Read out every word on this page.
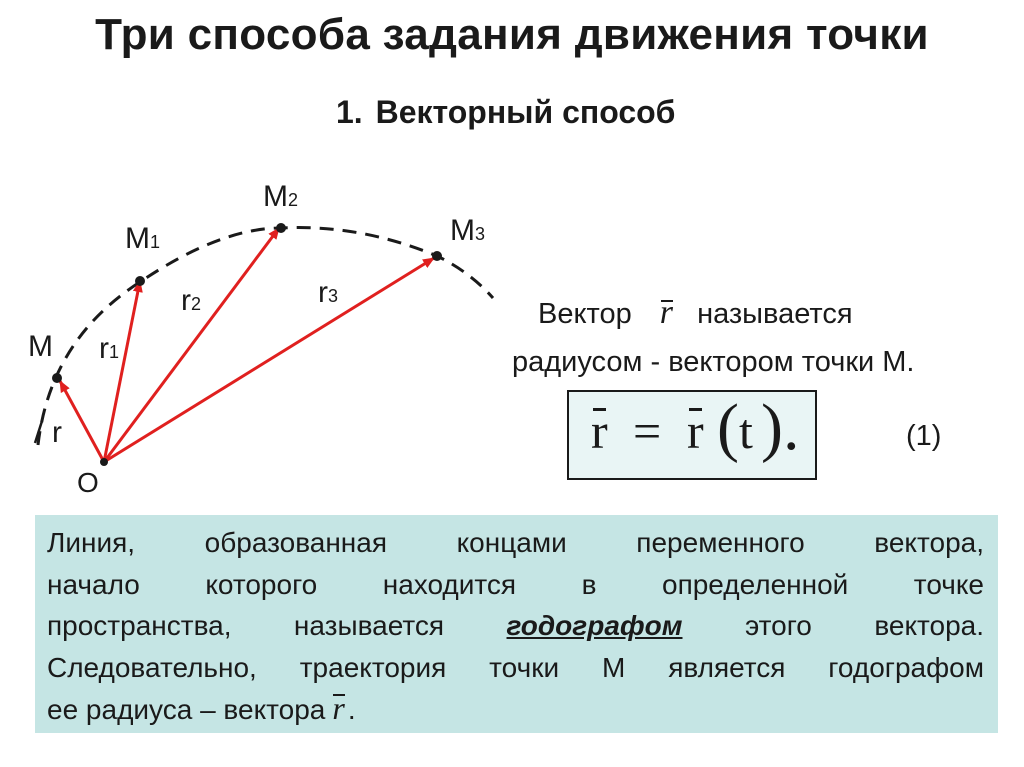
Три способа задания движения точки
1. Векторный способ
M
M1
M2
M3
r
r1
r2	r3
O
Вектор r называется
радиусом - вектором точки М.
r = r ( t ).	(1)
Линия, образованная концами переменного вектора,
начало которого находится в определенной точке
пространства, называется годографом этого вектора.
Следовательно, траектория точки М является годографом
ее радиуса – вектора r .
